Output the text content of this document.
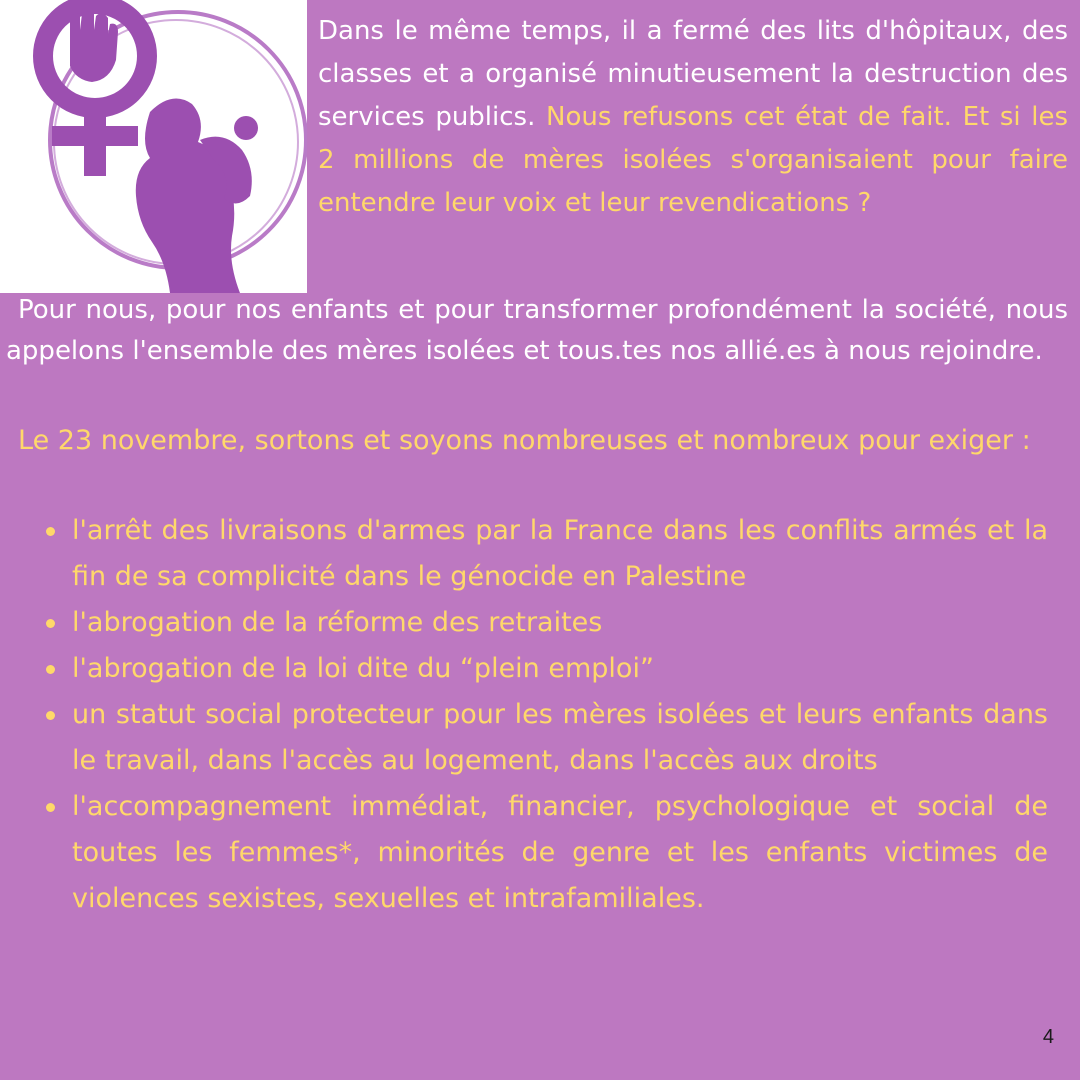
Dans le même temps, il a fermé des lits d'hôpitaux, des classes et a organisé minutieusement la destruction des services publics. Nous refusons cet état de fait. Et si les 2 millions de mères isolées s'organisaient pour faire entendre leur voix et leur revendications ?

Pour nous, pour nos enfants et pour transformer profondément la société, nous appelons l'ensemble des mères isolées et tous.tes nos allié.es à nous rejoindre.

Le 23 novembre, sortons et soyons nombreuses et nombreux pour exiger :

l'arrêt des livraisons d'armes par la France dans les conflits armés et la fin de sa complicité dans le génocide en Palestine
l'abrogation de la réforme des retraites
l'abrogation de la loi dite du “plein emploi”
un statut social protecteur pour les mères isolées et leurs enfants dans le travail, dans l'accès au logement, dans l'accès aux droits
l'accompagnement immédiat, financier, psychologique et social de toutes les femmes*, minorités de genre et les enfants victimes de violences sexistes, sexuelles et intrafamiliales.
4
